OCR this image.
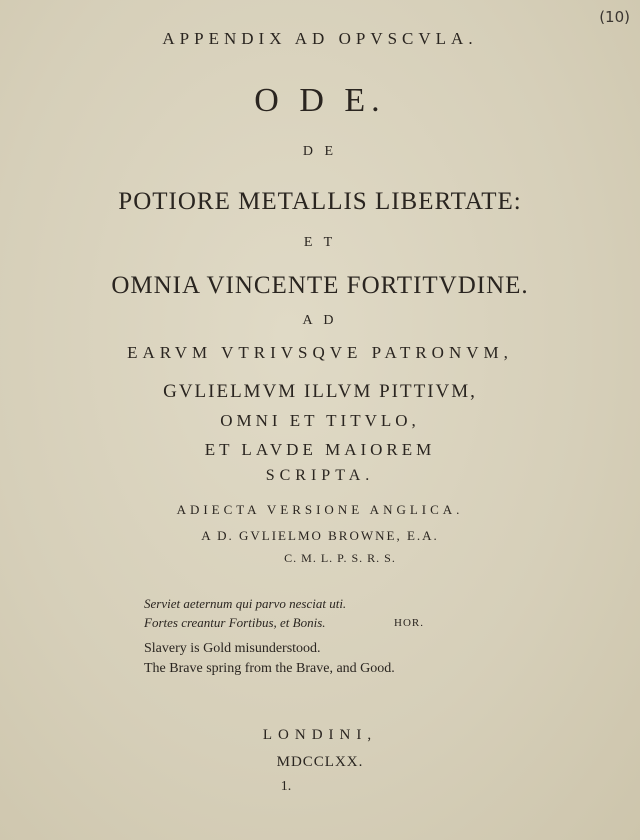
(10)
APPENDIX AD OPVSCVLA.
O D E.
D E
POTIORE METALLIS LIBERTATE:
E T
OMNIA VINCENTE FORTITVDINE.
A D
EARVM VTRIVSQVE PATRONVM,
GVLIELMVM ILLVM PITTIVM,
OMNI ET TITVLO,
ET LAVDE MAIOREM
SCRIPTA.
ADIECTA VERSIONE ANGLICA.
A D. GVLIELMO BROWNE, E.A.
C. M. L. P. S. R. S.
Serviet aeternum qui parvo nesciat uti.
Fortes creantur Fortibus, et Bonis.	HOR.
Slavery is Gold misunderstood.
The Brave spring from the Brave, and Good.
LONDINI,
MDCCLXX.
1.
